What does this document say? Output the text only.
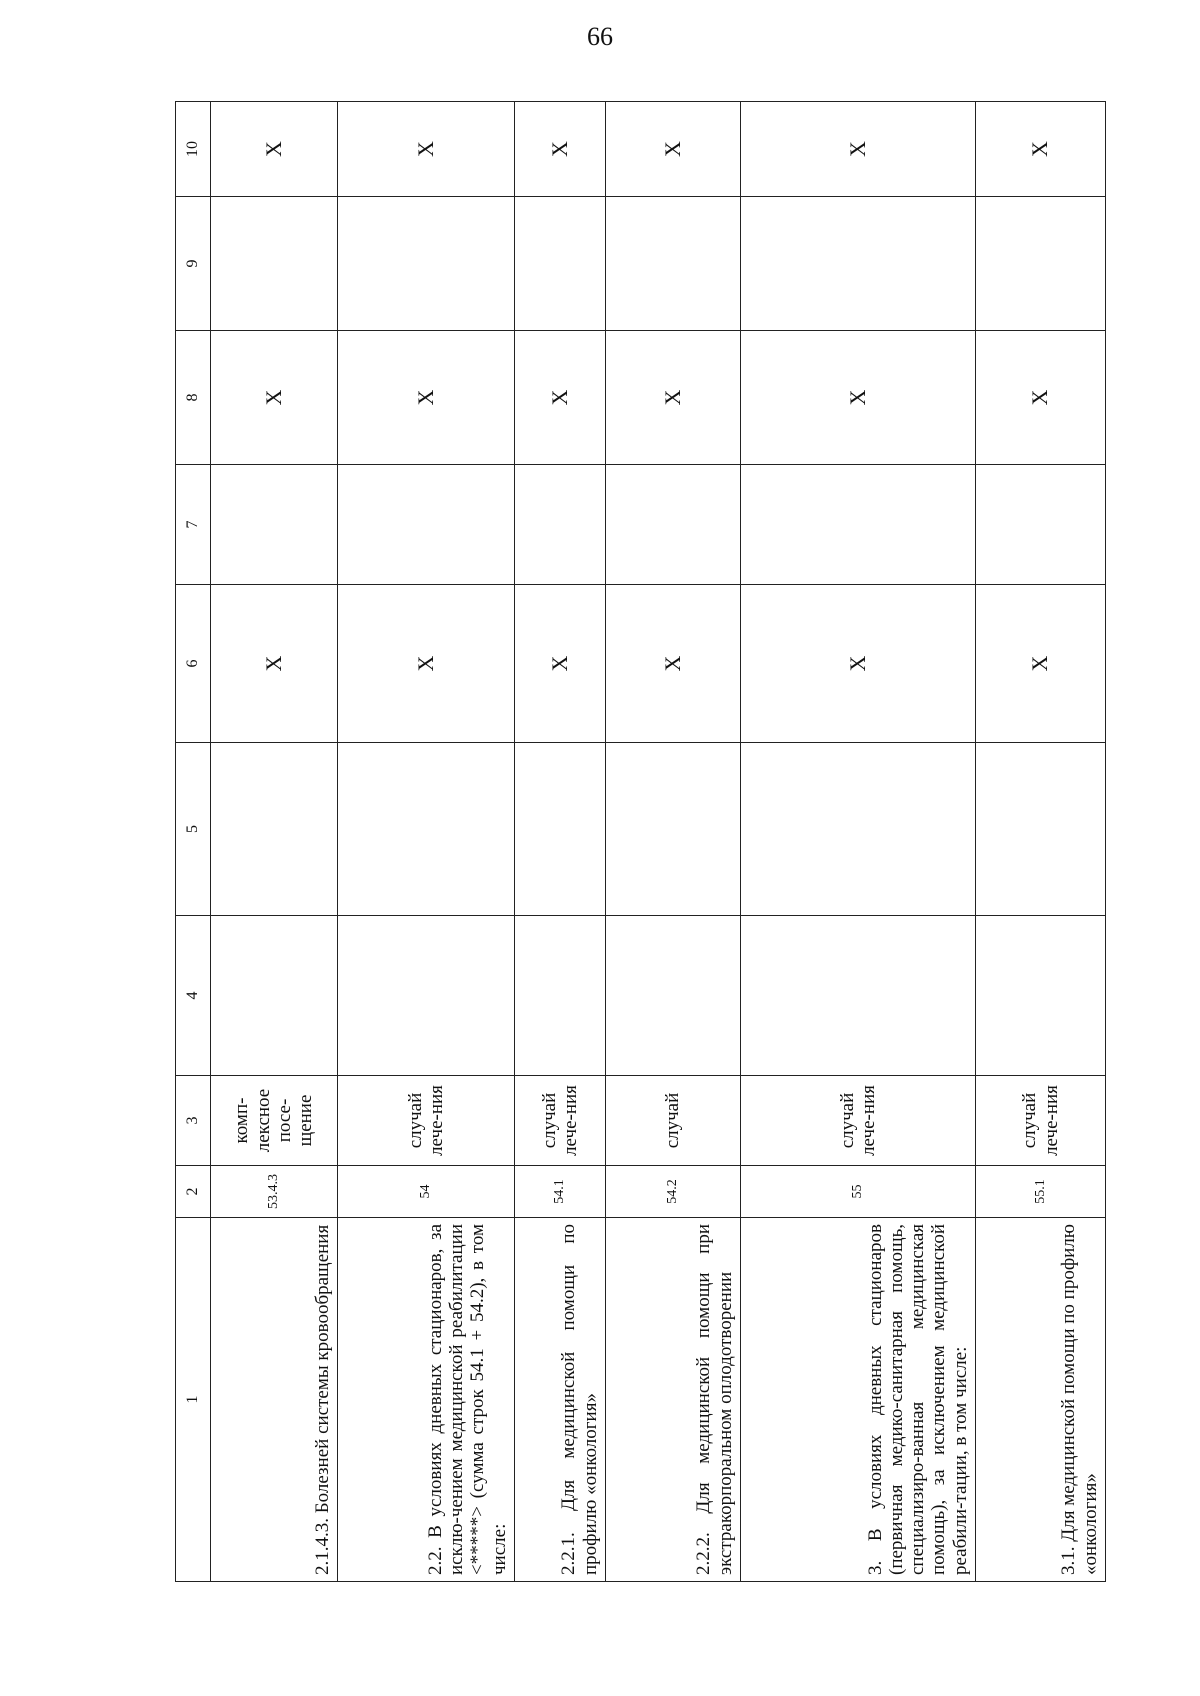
66
1	2	3	4	5	6	7	8	9	10
2.1.4.3. Болезней системы кровообращения	53.4.3	комп-лексное посе-щение			X		X		X
2.2. В условиях дневных стационаров, за исклю-чением медицинской реабилитации <*****> (сумма строк 54.1 + 54.2), в том числе:	54	случай лече-ния			X		X		X
2.2.1. Для медицинской помощи по профилю «онкология»	54.1	случай лече-ния			X		X		X
2.2.2. Для медицинской помощи при экстракорпоральном оплодотворении	54.2	случай			X		X		X
3. В условиях дневных стационаров (первичная медико-санитарная помощь, специализиро-ванная медицинская помощь), за исключением медицинской реабили-тации, в том числе:	55	случай лече-ния			X		X		X
3.1. Для медицинской помощи по профилю «онкология»	55.1	случай лече-ния			X		X		X
